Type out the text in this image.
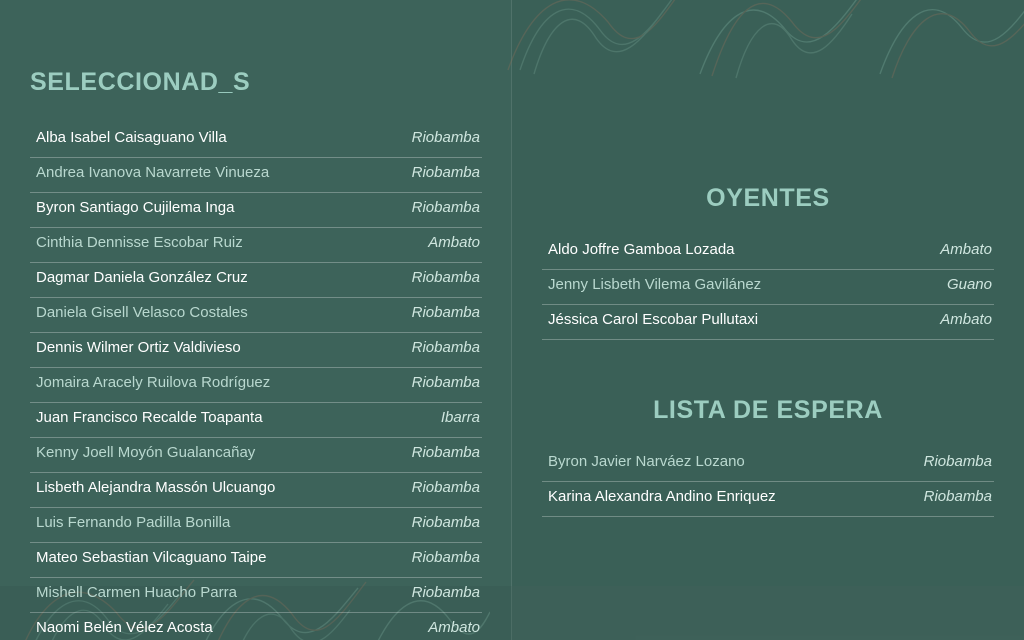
SELECCIONAD_S
Alba Isabel Caisaguano Villa	Riobamba
Andrea Ivanova Navarrete Vinueza	Riobamba
Byron Santiago Cujilema Inga	Riobamba
Cinthia Dennisse Escobar Ruiz	Ambato
Dagmar Daniela González Cruz	Riobamba
Daniela Gisell Velasco Costales	Riobamba
Dennis Wilmer Ortiz Valdivieso	Riobamba
Jomaira Aracely Ruilova Rodríguez	Riobamba
Juan Francisco Recalde Toapanta	Ibarra
Kenny Joell Moyón Gualancañay	Riobamba
Lisbeth Alejandra Massón Ulcuango	Riobamba
Luis Fernando Padilla Bonilla	Riobamba
Mateo Sebastian Vilcaguano Taipe	Riobamba
Mishell Carmen Huacho Parra	Riobamba
Naomi Belén Vélez Acosta	Ambato
OYENTES
Aldo Joffre Gamboa Lozada	Ambato
Jenny Lisbeth Vilema Gavilánez	Guano
Jéssica Carol Escobar Pullutaxi	Ambato
LISTA DE ESPERA
Byron Javier Narváez Lozano	Riobamba
Karina Alexandra Andino Enriquez	Riobamba
